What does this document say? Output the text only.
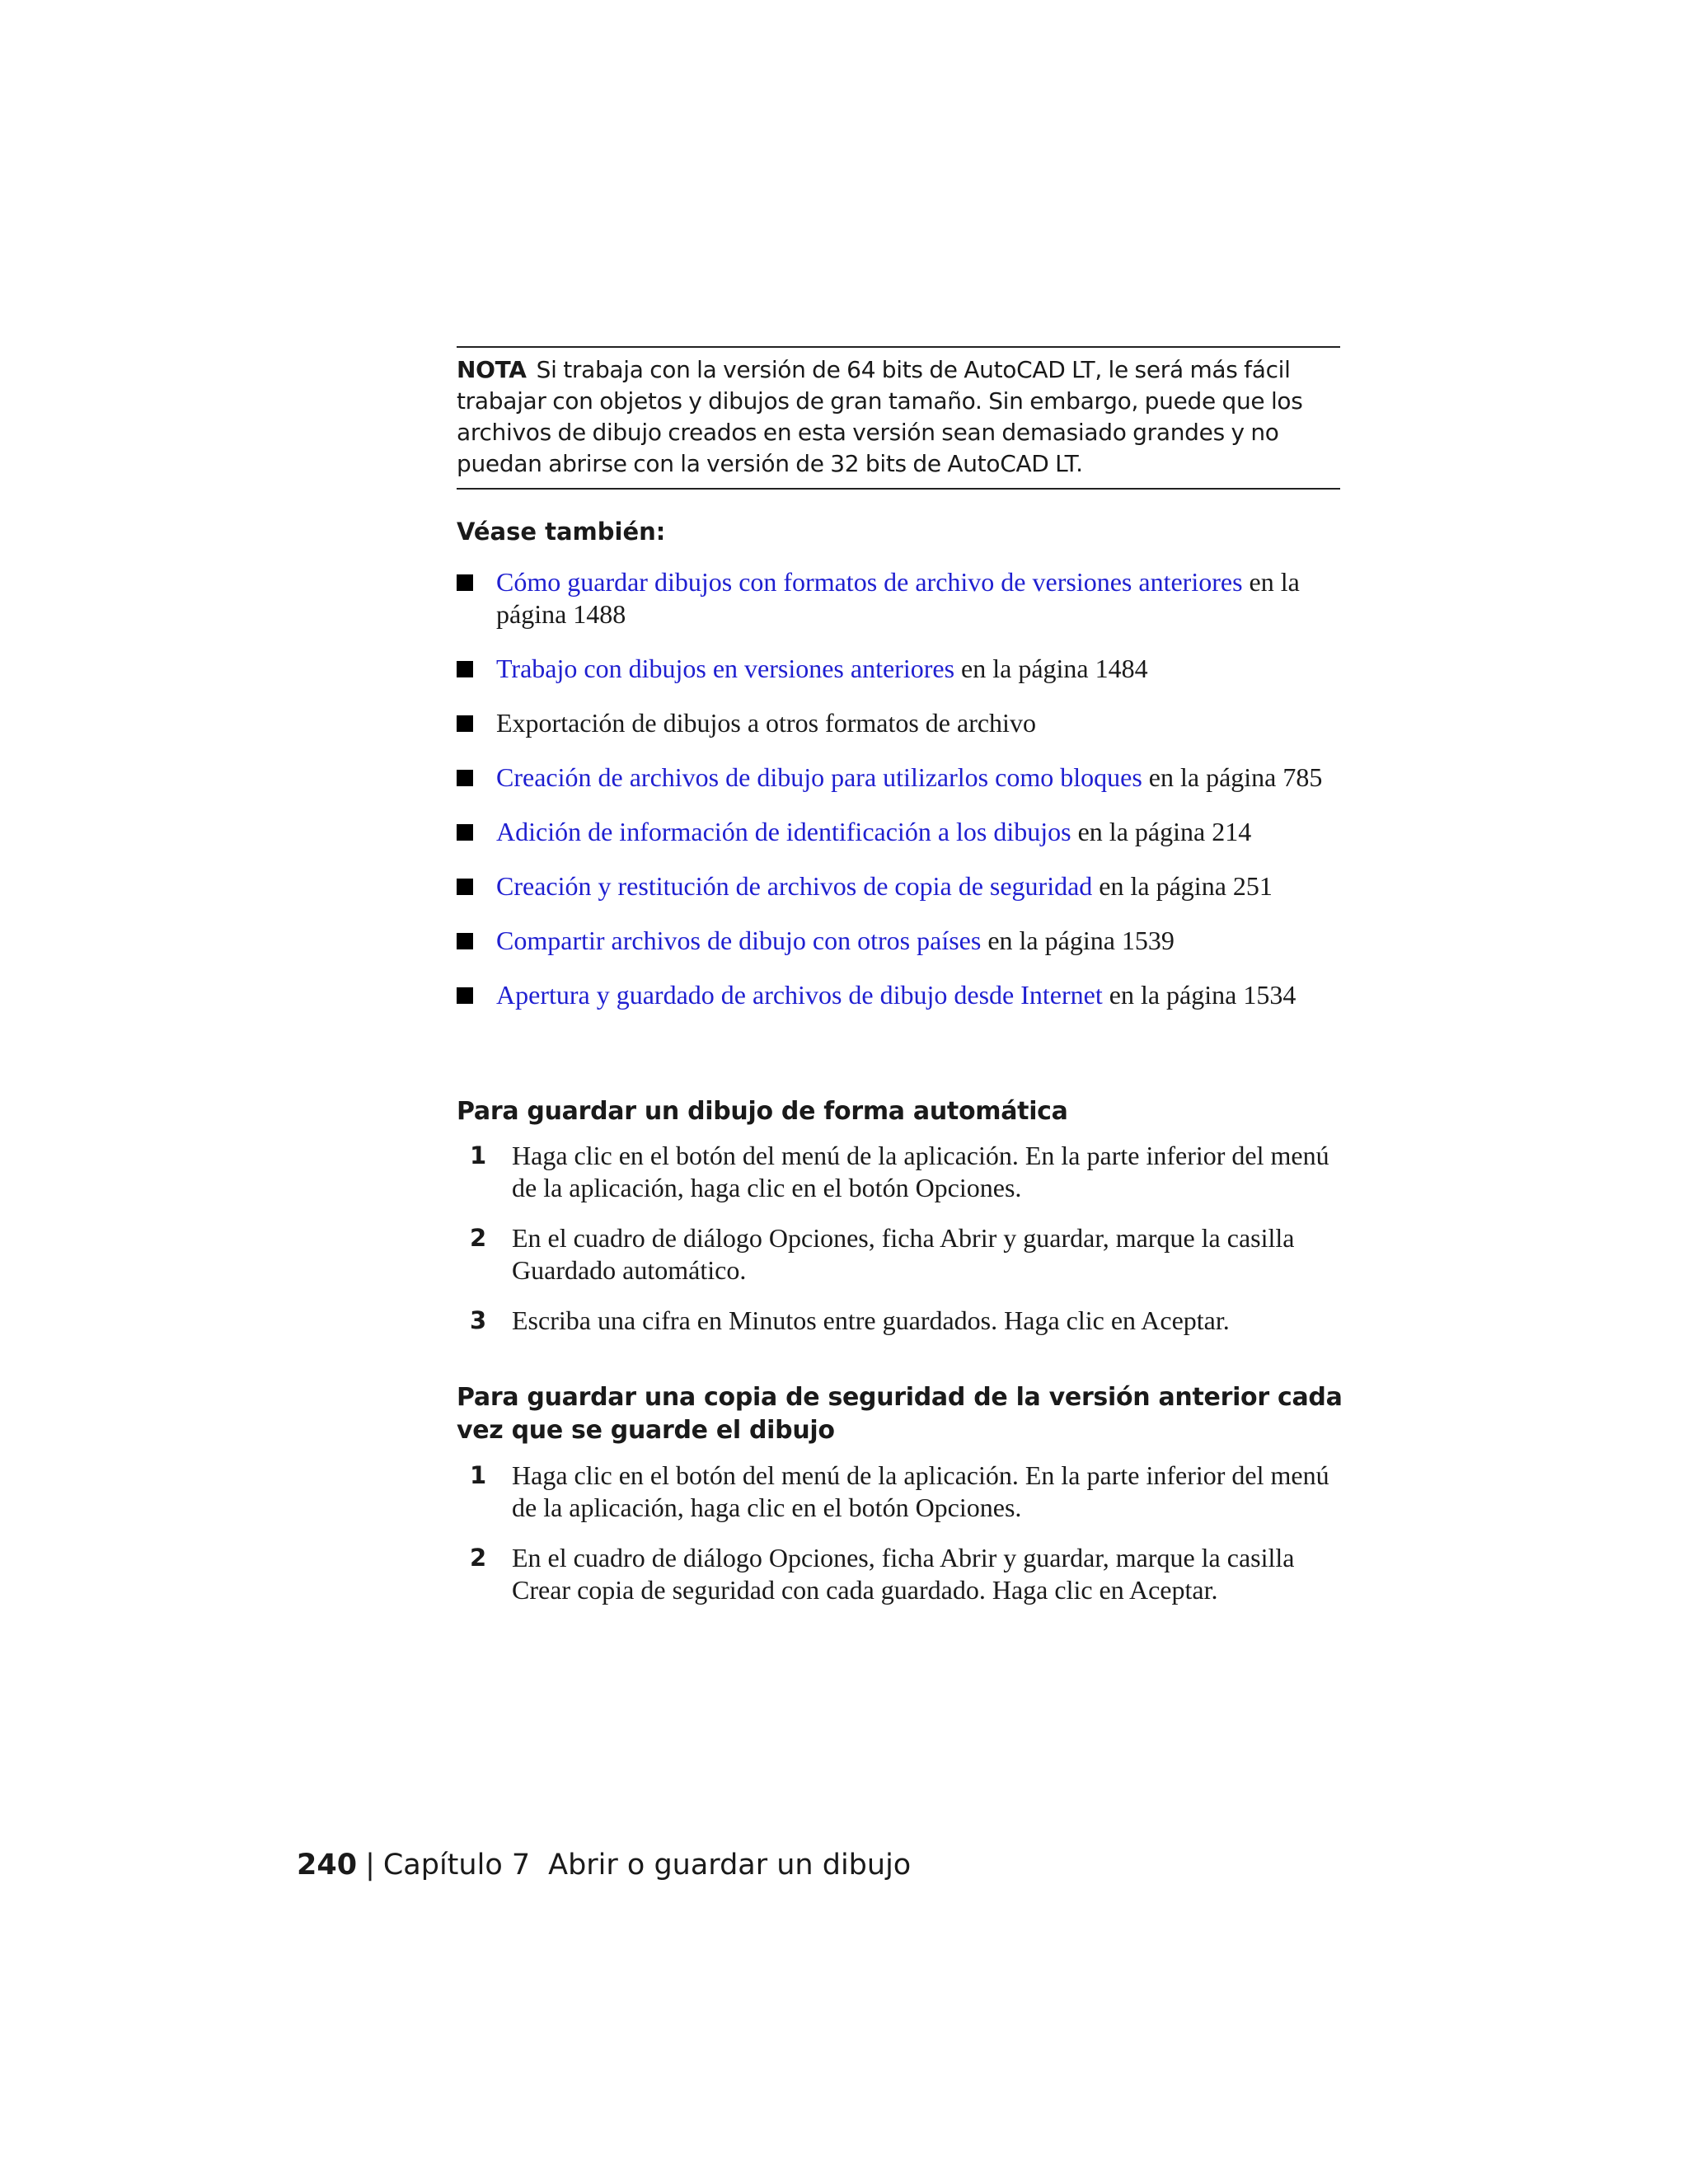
NOTA Si trabaja con la versión de 64 bits de AutoCAD LT, le será más fácil trabajar con objetos y dibujos de gran tamaño. Sin embargo, puede que los archivos de dibujo creados en esta versión sean demasiado grandes y no puedan abrirse con la versión de 32 bits de AutoCAD LT.
Véase también:
Cómo guardar dibujos con formatos de archivo de versiones anteriores en la página 1488
Trabajo con dibujos en versiones anteriores en la página 1484
Exportación de dibujos a otros formatos de archivo
Creación de archivos de dibujo para utilizarlos como bloques en la página 785
Adición de información de identificación a los dibujos en la página 214
Creación y restitución de archivos de copia de seguridad en la página 251
Compartir archivos de dibujo con otros países en la página 1539
Apertura y guardado de archivos de dibujo desde Internet en la página 1534
Para guardar un dibujo de forma automática
1 Haga clic en el botón del menú de la aplicación. En la parte inferior del menú de la aplicación, haga clic en el botón Opciones.
2 En el cuadro de diálogo Opciones, ficha Abrir y guardar, marque la casilla Guardado automático.
3 Escriba una cifra en Minutos entre guardados. Haga clic en Aceptar.
Para guardar una copia de seguridad de la versión anterior cada vez que se guarde el dibujo
1 Haga clic en el botón del menú de la aplicación. En la parte inferior del menú de la aplicación, haga clic en el botón Opciones.
2 En el cuadro de diálogo Opciones, ficha Abrir y guardar, marque la casilla Crear copia de seguridad con cada guardado. Haga clic en Aceptar.
240 | Capítulo 7 Abrir o guardar un dibujo
